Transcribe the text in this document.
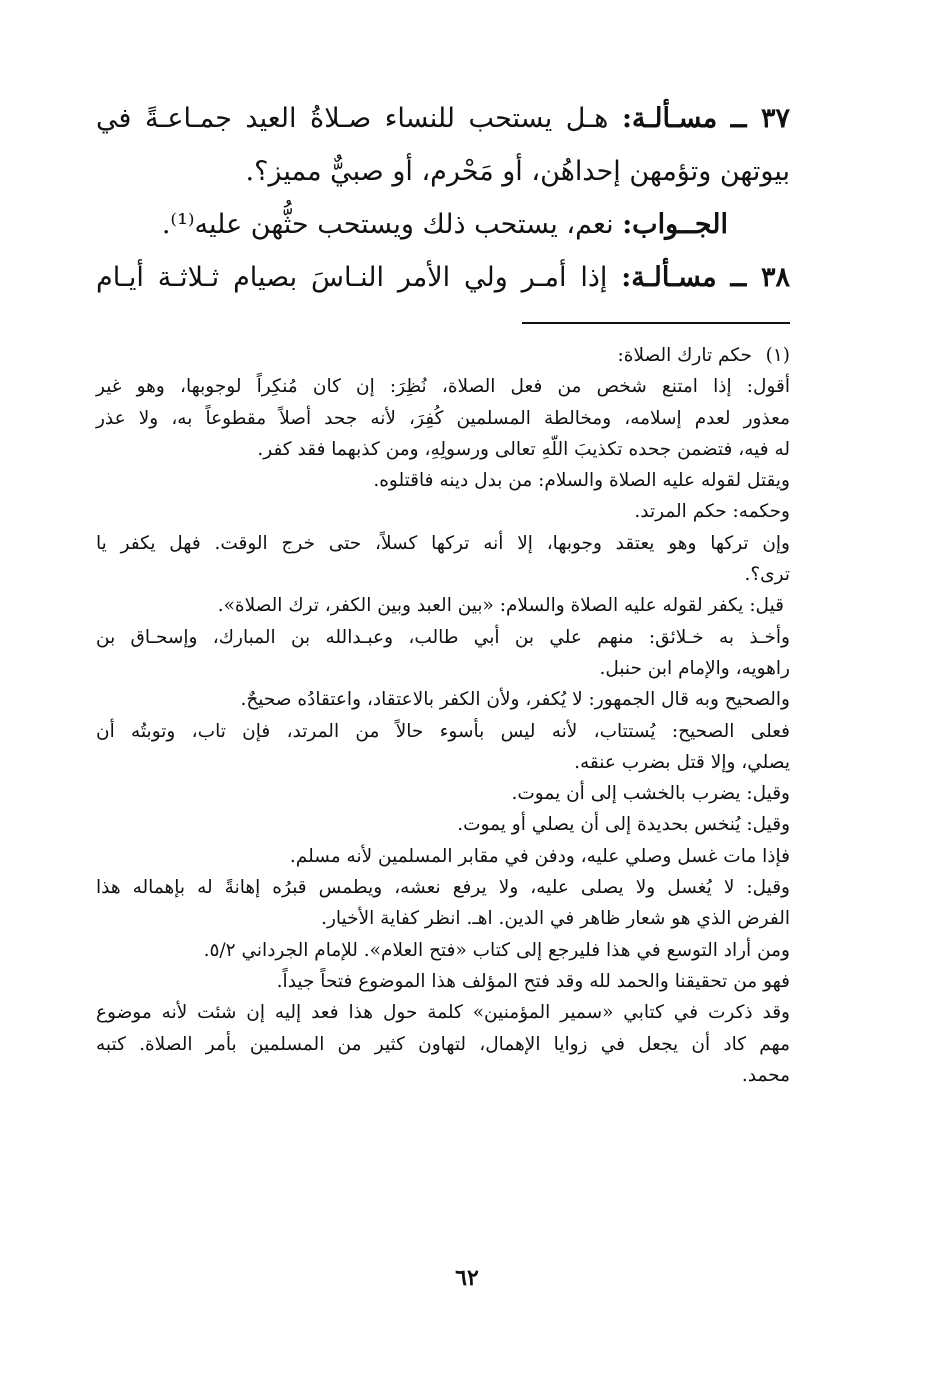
٣٧ ــ مسـألـة: هـل يستحب للنساء صـلاةُ العيد جمـاعـةً في
بيوتهن وتؤمهن إحداهُن، أو مَحْرم، أو صبيٌّ مميز؟.
الجــواب: نعم، يستحب ذلك ويستحب حثُّهن عليه⁽¹⁾.
٣٨ ــ مسـألـة: إذا أمـر ولي الأمر النـاسَ بصيام ثـلاثـة أيـام
(١)
حكم تارك الصلاة:
أقول: إذا امتنع شخص من فعل الصلاة، نُظِرَ: إن كان مُنكِراً لوجوبها، وهو غير
معذور لعدم إسلامه، ومخالطة المسلمين كُفِرَ، لأنه جحد أصلاً مقطوعاً به، ولا عذر
له فيه، فتضمن جحده تكذيبَ اللّهِ تعالى ورسولِهِ، ومن كذبهما فقد كفر.
ويقتل لقوله عليه الصلاة والسلام: من بدل دينه فاقتلوه.
وحكمه: حكم المرتد.
وإن تركها وهو يعتقد وجوبها، إلا أنه تركها كسلاً، حتى خرج الوقت. فهل يكفر يا
ترى؟.
قيل: يكفر لقوله عليه الصلاة والسلام: «بين العبد وبين الكفر، ترك الصلاة».
وأخـذ به خـلائق: منهم علي بن أبي طالب، وعبـدالله بن المبارك، وإسحـاق بن
راهويه، والإمام ابن حنبل.
والصحيح وبه قال الجمهور: لا يُكفر، ولأن الكفر بالاعتقاد، واعتقادُه صحيحٌ.
فعلى الصحيح: يُستتاب، لأنه ليس بأسوء حالاً من المرتد، فإن تاب، وتوبتُه أن
يصلي، وإلا قتل بضرب عنقه.
وقيل: يضرب بالخشب إلى أن يموت.
وقيل: يُنخس بحديدة إلى أن يصلي أو يموت.
فإذا مات غسل وصلي عليه، ودفن في مقابر المسلمين لأنه مسلم.
وقيل: لا يُغسل ولا يصلى عليه، ولا يرفع نعشه، ويطمس قبرُه إهانةً له بإهماله هذا
الفرض الذي هو شعار ظاهر في الدين. اهـ. انظر كفاية الأخيار.
ومن أراد التوسع في هذا فليرجع إلى كتاب «فتح العلام». للإمام الجرداني ٥/٢.
فهو من تحقيقنا والحمد لله وقد فتح المؤلف هذا الموضوع فتحاً جيداً.
وقد ذكرت في كتابي «سمير المؤمنين» كلمة حول هذا فعد إليه إن شئت لأنه موضوع
مهم كاد أن يجعل في زوايا الإهمال، لتهاون كثير من المسلمين بأمر الصلاة. كتبه
محمد.
٦٢
